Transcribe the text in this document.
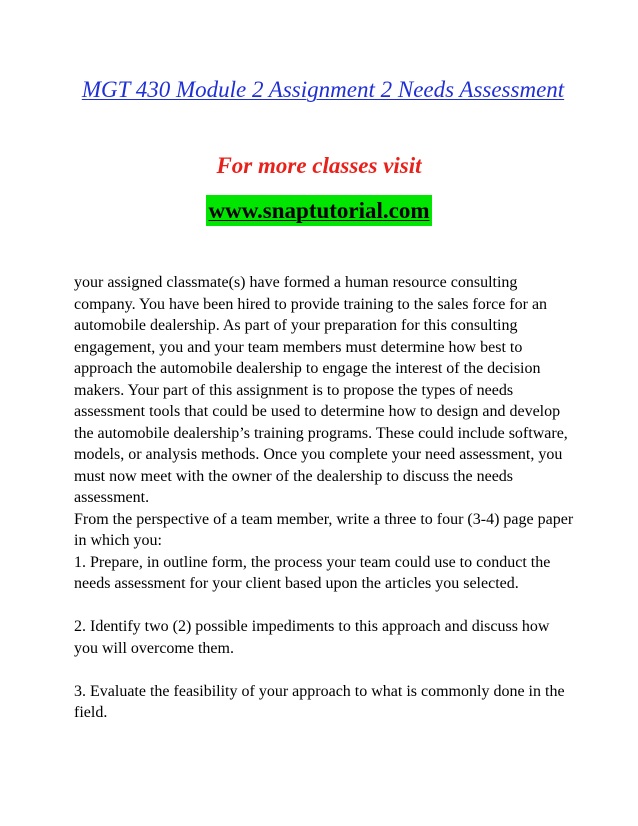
MGT 430 Module 2 Assignment 2 Needs Assessment
For more classes visit
www.snaptutorial.com

your assigned classmate(s) have formed a human resource consulting company. You have been hired to provide training to the sales force for an automobile dealership. As part of your preparation for this consulting engagement, you and your team members must determine how best to approach the automobile dealership to engage the interest of the decision makers. Your part of this assignment is to propose the types of needs assessment tools that could be used to determine how to design and develop the automobile dealership’s training programs. These could include software, models, or analysis methods. Once you complete your need assessment, you must now meet with the owner of the dealership to discuss the needs assessment.

From the perspective of a team member, write a three to four (3-4) page paper in which you:

1. Prepare, in outline form, the process your team could use to conduct the needs assessment for your client based upon the articles you selected.

2. Identify two (2) possible impediments to this approach and discuss how you will overcome them.

3. Evaluate the feasibility of your approach to what is commonly done in the field.
